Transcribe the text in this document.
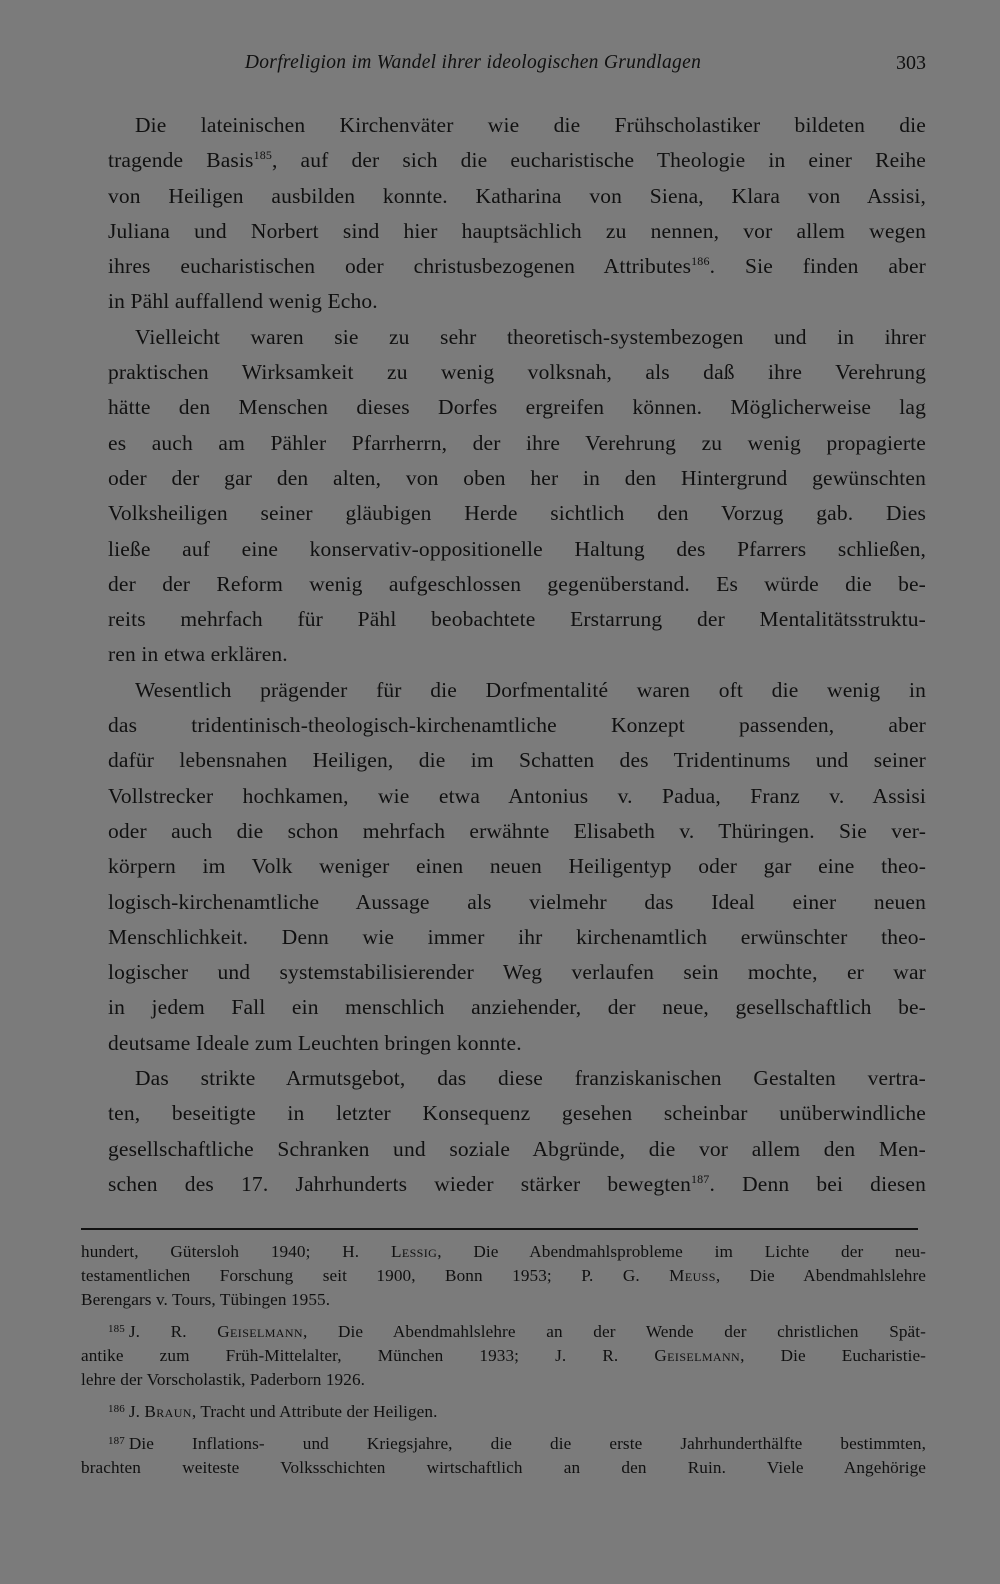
Dorfreligion im Wandel ihrer ideologischen Grundlagen	303
Die lateinischen Kirchenväter wie die Frühscholastiker bildeten die
tragende Basis$^{185}$, auf der sich die eucharistische Theologie in einer Reihe
von Heiligen ausbilden konnte. Katharina von Siena, Klara von Assisi,
Juliana und Norbert sind hier hauptsächlich zu nennen, vor allem wegen
ihres eucharistischen oder christusbezogenen Attributes$^{186}$. Sie finden aber
in Pähl auffallend wenig Echo.
Vielleicht waren sie zu sehr theoretisch-systembezogen und in ihrer
praktischen Wirksamkeit zu wenig volksnah, als daß ihre Verehrung
hätte den Menschen dieses Dorfes ergreifen können. Möglicherweise lag
es auch am Pähler Pfarrherrn, der ihre Verehrung zu wenig propagierte
oder der gar den alten, von oben her in den Hintergrund gewünschten
Volksheiligen seiner gläubigen Herde sichtlich den Vorzug gab. Dies
ließe auf eine konservativ-oppositionelle Haltung des Pfarrers schließen,
der der Reform wenig aufgeschlossen gegenüberstand. Es würde die be-
reits mehrfach für Pähl beobachtete Erstarrung der Mentalitätsstruktu-
ren in etwa erklären.
Wesentlich prägender für die Dorfmentalité waren oft die wenig in
das tridentinisch-theologisch-kirchenamtliche Konzept passenden, aber
dafür lebensnahen Heiligen, die im Schatten des Tridentinums und seiner
Vollstrecker hochkamen, wie etwa Antonius v. Padua, Franz v. Assisi
oder auch die schon mehrfach erwähnte Elisabeth v. Thüringen. Sie ver-
körpern im Volk weniger einen neuen Heiligentyp oder gar eine theo-
logisch-kirchenamtliche Aussage als vielmehr das Ideal einer neuen
Menschlichkeit. Denn wie immer ihr kirchenamtlich erwünschter theo-
logischer und systemstabilisierender Weg verlaufen sein mochte, er war
in jedem Fall ein menschlich anziehender, der neue, gesellschaftlich be-
deutsame Ideale zum Leuchten bringen konnte.
Das strikte Armutsgebot, das diese franziskanischen Gestalten vertra-
ten, beseitigte in letzter Konsequenz gesehen scheinbar unüberwindliche
gesellschaftliche Schranken und soziale Abgründe, die vor allem den Men-
schen des 17. Jahrhunderts wieder stärker bewegten$^{187}$. Denn bei diesen
hundert, Gütersloh 1940; H. Lessig, Die Abendmahlsprobleme im Lichte der neu-
testamentlichen Forschung seit 1900, Bonn 1953; P. G. Meuss, Die Abendmahlslehre
Berengars v. Tours, Tübingen 1955.
$^{185}$ J. R. Geiselmann, Die Abendmahlslehre an der Wende der christlichen Spät-
antike zum Früh-Mittelalter, München 1933; J. R. Geiselmann, Die Eucharistie-
lehre der Vorscholastik, Paderborn 1926.
$^{186}$ J. Braun, Tracht und Attribute der Heiligen.
$^{187}$ Die Inflations- und Kriegsjahre, die die erste Jahrhunderthälfte bestimmten,
brachten weiteste Volksschichten wirtschaftlich an den Ruin. Viele Angehörige
